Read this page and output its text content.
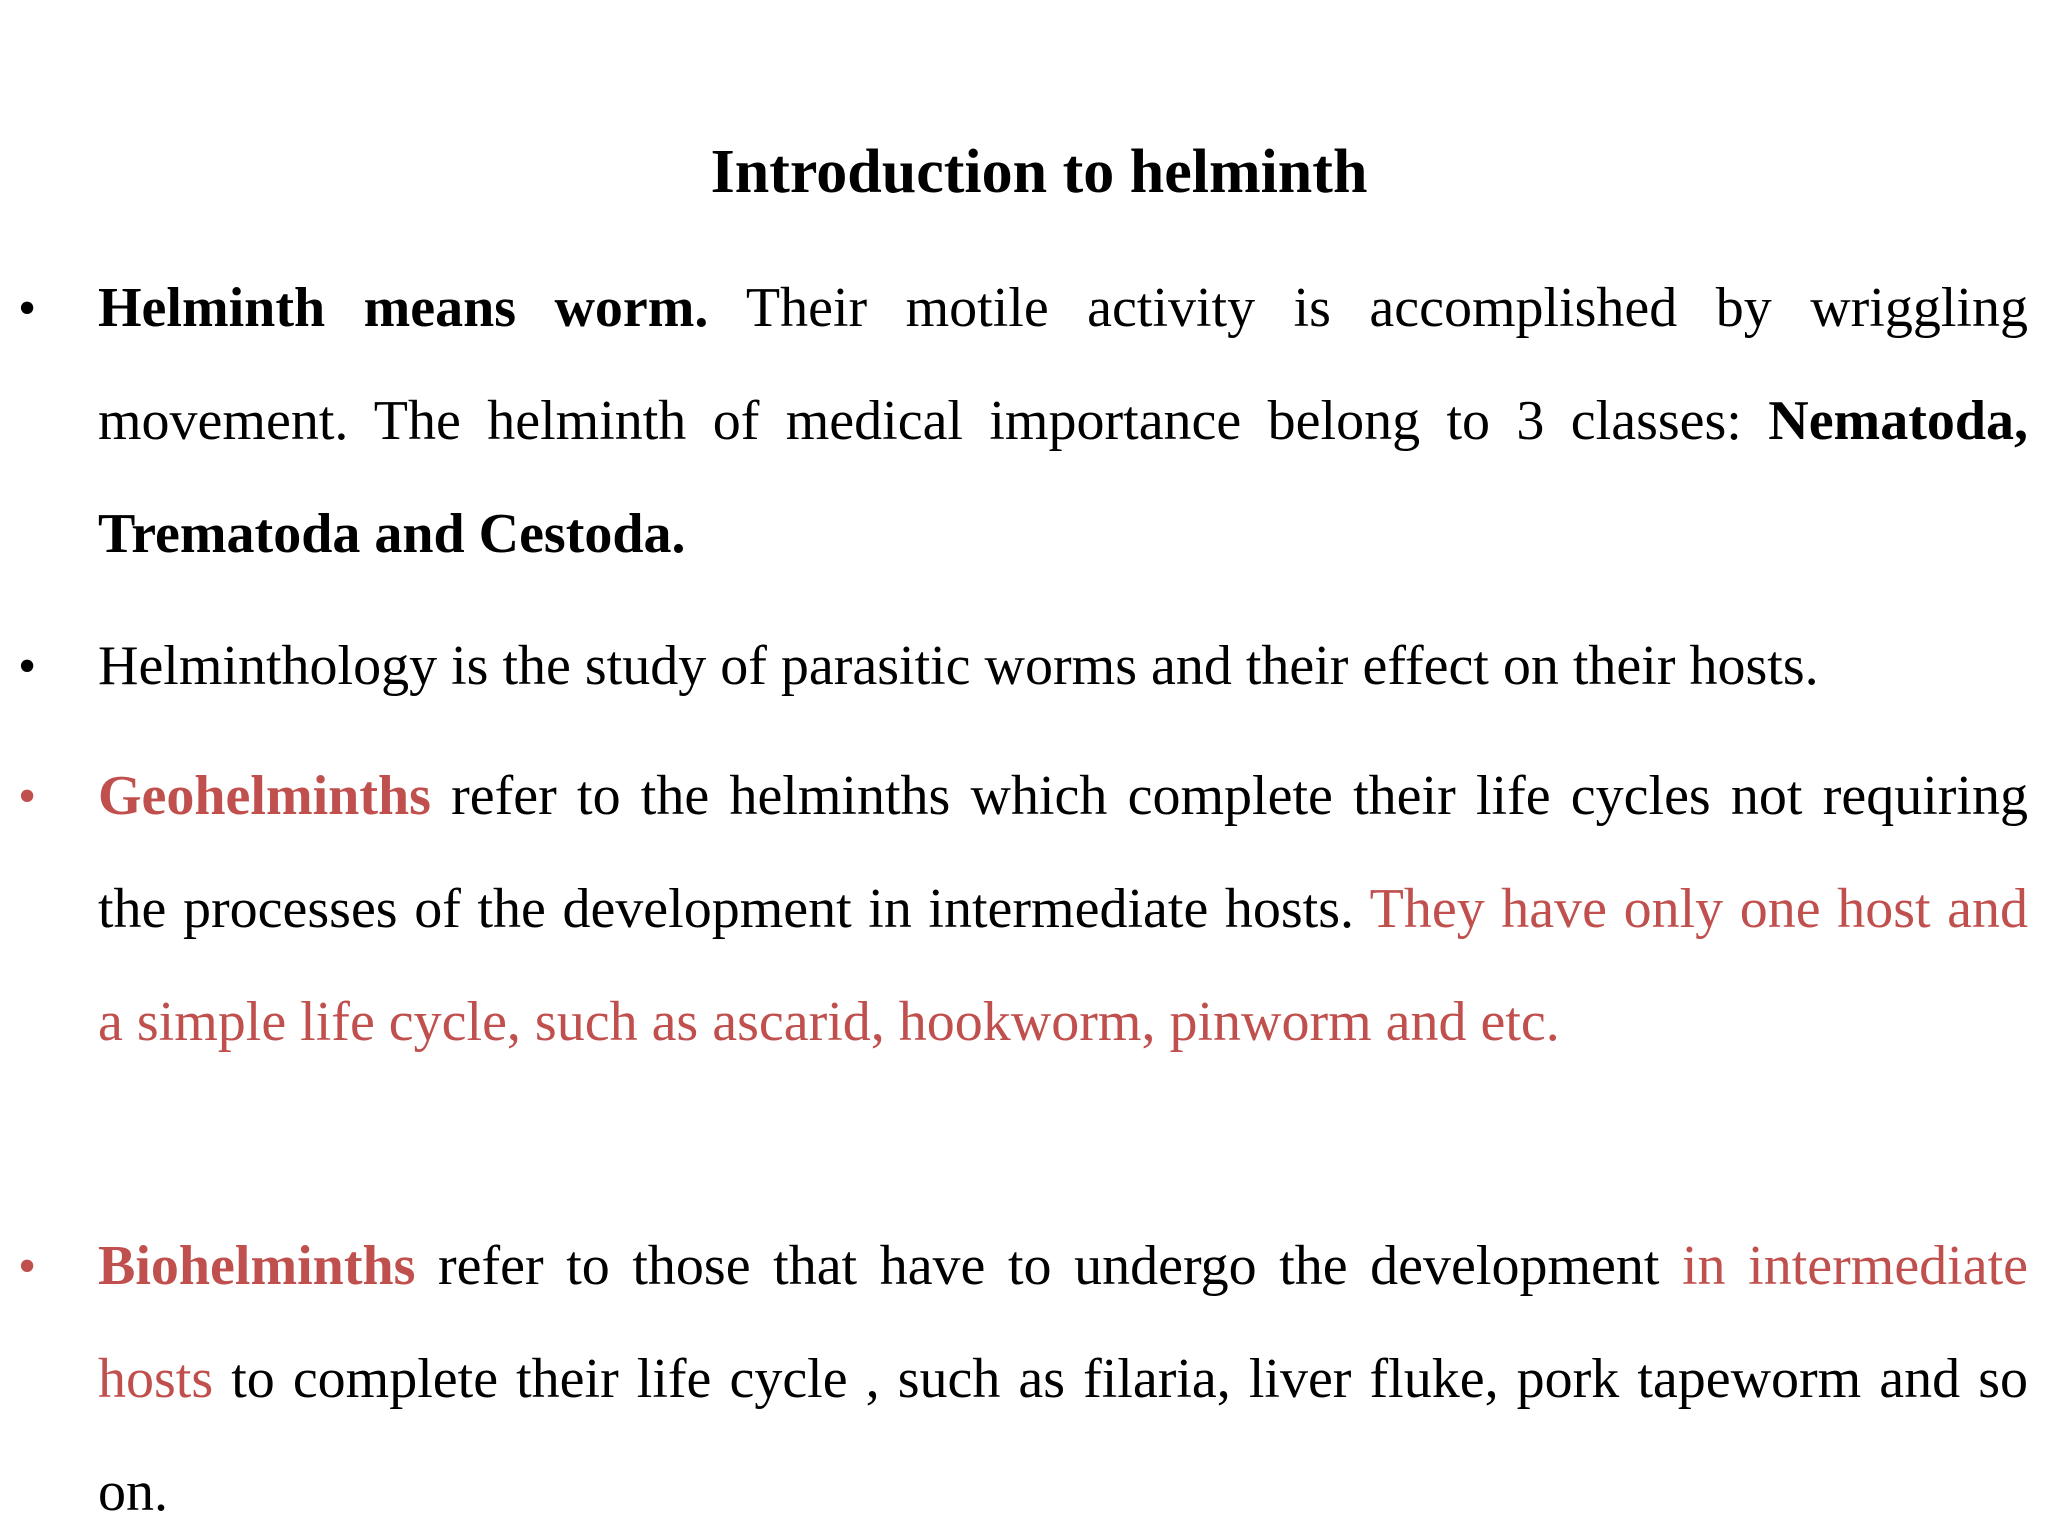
Introduction to helminth
• Helminth means worm. Their motile activity is accomplished by wriggling movement. The helminth of medical importance belong to 3 classes: Nematoda, Trematoda and Cestoda.
• Helminthology is the study of parasitic worms and their effect on their hosts.
• Geohelminths refer to the helminths which complete their life cycles not requiring the processes of the development in intermediate hosts. They have only one host and a simple life cycle, such as ascarid, hookworm, pinworm and etc.
• Biohelminths refer to those that have to undergo the development in intermediate hosts to complete their life cycle , such as filaria, liver fluke, pork tapeworm and so on.
